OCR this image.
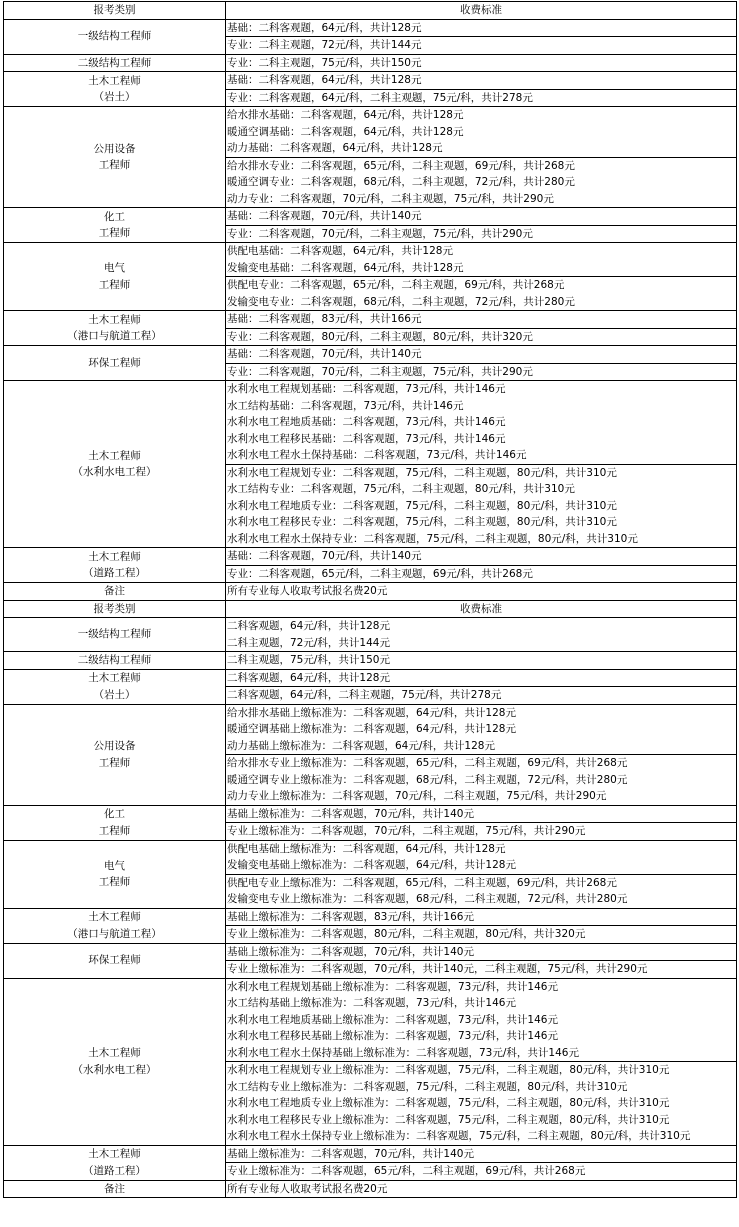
报考类别	收费标准

一级结构工程师	基础：二科客观题，64元/科，共计128元

	专业：二科主观题，72元/科，共计144元

二级结构工程师	专业：二科主观题，75元/科，共计150元

土木工程师
（岩土）	基础：二科客观题，64元/科，共计128元

	专业：二科客观题，64元/科，二科主观题，75元/科，共计278元

公用设备
工程师	给水排水基础：二科客观题，64元/科，共计128元
暖通空调基础：二科客观题，64元/科，共计128元
动力基础：二科客观题，64元/科，共计128元

	给水排水专业：二科客观题，65元/科，二科主观题，69元/科，共计268元
暖通空调专业：二科客观题，68元/科，二科主观题，72元/科，共计280元
动力专业：二科客观题，70元/科，二科主观题，75元/科，共计290元

化工
工程师	基础：二科客观题，70元/科，共计140元

	专业：二科客观题，70元/科，二科主观题，75元/科，共计290元

电气
工程师	供配电基础：二科客观题，64元/科，共计128元
发输变电基础：二科客观题，64元/科，共计128元

	供配电专业：二科客观题，65元/科，二科主观题，69元/科，共计268元
发输变电专业：二科客观题，68元/科，二科主观题，72元/科，共计280元

土木工程师
（港口与航道工程）	基础：二科客观题，83元/科，共计166元

	专业：二科客观题，80元/科，二科主观题，80元/科，共计320元

环保工程师	基础：二科客观题，70元/科，共计140元

	专业：二科客观题，70元/科，二科主观题，75元/科，共计290元

土木工程师
（水利水电工程）	水利水电工程规划基础：二科客观题，73元/科，共计146元
水工结构基础：二科客观题，73元/科，共计146元
水利水电工程地质基础：二科客观题，73元/科，共计146元
水利水电工程移民基础：二科客观题，73元/科，共计146元
水利水电工程水土保持基础：二科客观题，73元/科，共计146元

	水利水电工程规划专业：二科客观题，75元/科，二科主观题，80元/科，共计310元
水工结构专业：二科客观题，75元/科，二科主观题，80元/科，共计310元
水利水电工程地质专业：二科客观题，75元/科，二科主观题，80元/科，共计310元
水利水电工程移民专业：二科客观题，75元/科，二科主观题，80元/科，共计310元
水利水电工程水土保持专业：二科客观题，75元/科，二科主观题，80元/科，共计310元

土木工程师
（道路工程）	基础：二科客观题，70元/科，共计140元

	专业：二科客观题，65元/科，二科主观题，69元/科，共计268元

备注	所有专业每人收取考试报名费20元

报考类别	收费标准

一级结构工程师	二科客观题，64元/科，共计128元
二科主观题，72元/科，共计144元

二级结构工程师	二科主观题，75元/科，共计150元

土木工程师
（岩土）	二科客观题，64元/科，共计128元

	二科客观题，64元/科，二科主观题，75元/科，共计278元

公用设备
工程师	给水排水基础上缴标准为：二科客观题，64元/科，共计128元
暖通空调基础上缴标准为：二科客观题，64元/科，共计128元
动力基础上缴标准为：二科客观题，64元/科，共计128元

	给水排水专业上缴标准为：二科客观题，65元/科，二科主观题，69元/科，共计268元
暖通空调专业上缴标准为：二科客观题，68元/科，二科主观题，72元/科，共计280元
动力专业上缴标准为：二科客观题，70元/科，二科主观题，75元/科，共计290元

化工
工程师	基础上缴标准为：二科客观题，70元/科，共计140元

	专业上缴标准为：二科客观题，70元/科，二科主观题，75元/科，共计290元

电气
工程师	供配电基础上缴标准为：二科客观题，64元/科，共计128元
发输变电基础上缴标准为：二科客观题，64元/科，共计128元

	供配电专业上缴标准为：二科客观题，65元/科，二科主观题，69元/科，共计268元
发输变电专业上缴标准为：二科客观题，68元/科，二科主观题，72元/科，共计280元

土木工程师
（港口与航道工程）	基础上缴标准为：二科客观题，83元/科，共计166元

	专业上缴标准为：二科客观题，80元/科，二科主观题，80元/科，共计320元

环保工程师	基础上缴标准为：二科客观题，70元/科，共计140元

	专业上缴标准为：二科客观题，70元/科，共计140元，二科主观题，75元/科，共计290元

土木工程师
（水利水电工程）	水利水电工程规划基础上缴标准为：二科客观题，73元/科，共计146元
水工结构基础上缴标准为：二科客观题，73元/科，共计146元
水利水电工程地质基础上缴标准为：二科客观题，73元/科，共计146元
水利水电工程移民基础上缴标准为：二科客观题，73元/科，共计146元
水利水电工程水土保持基础上缴标准为：二科客观题，73元/科，共计146元

	水利水电工程规划专业上缴标准为：二科客观题，75元/科，二科主观题，80元/科，共计310元
水工结构专业上缴标准为：二科客观题，75元/科，二科主观题，80元/科，共计310元
水利水电工程地质专业上缴标准为：二科客观题，75元/科，二科主观题，80元/科，共计310元
水利水电工程移民专业上缴标准为：二科客观题，75元/科，二科主观题，80元/科，共计310元
水利水电工程水土保持专业上缴标准为：二科客观题，75元/科，二科主观题，80元/科，共计310元

土木工程师
（道路工程）	基础上缴标准为：二科客观题，70元/科，共计140元

	专业上缴标准为：二科客观题，65元/科，二科主观题，69元/科，共计268元

备注	所有专业每人收取考试报名费20元
